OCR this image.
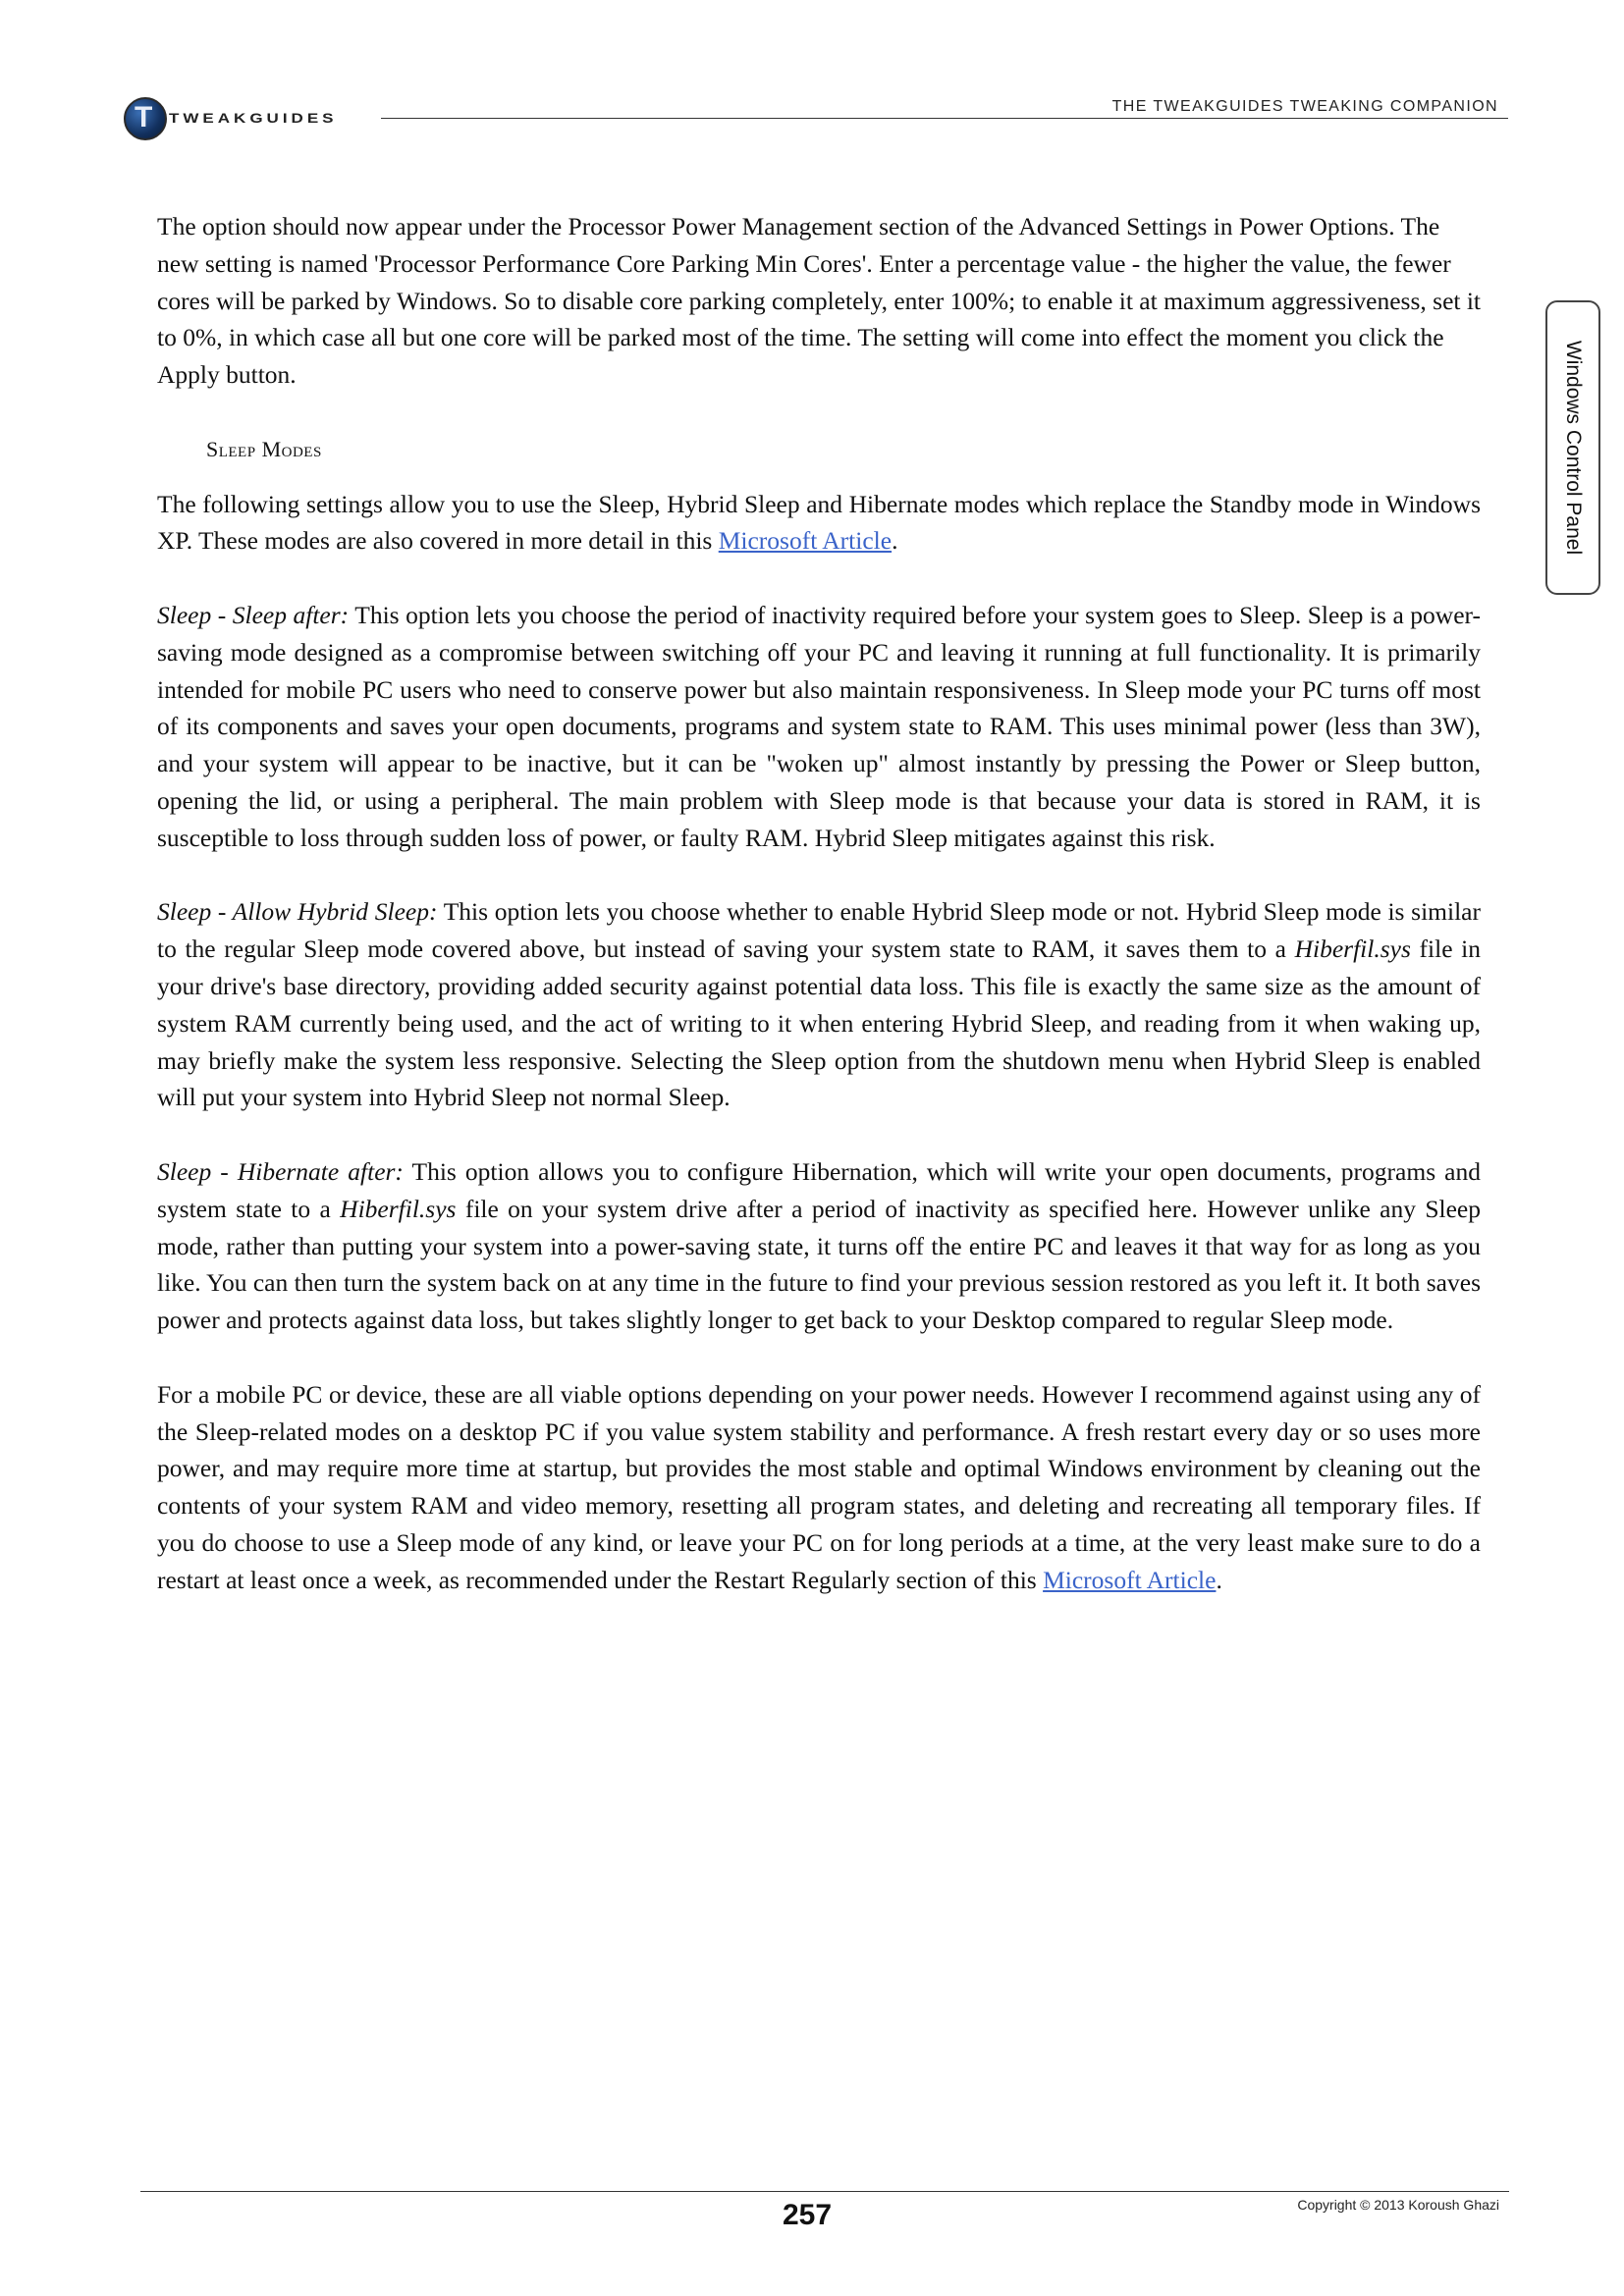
T
TWEAKGUIDES
THE TWEAKGUIDES TWEAKING COMPANION
Windows Control Panel

The option should now appear under the Processor Power Management section of the Advanced Settings in Power Options. The new setting is named 'Processor Performance Core Parking Min Cores'. Enter a percentage value - the higher the value, the fewer cores will be parked by Windows. So to disable core parking completely, enter 100%; to enable it at maximum aggressiveness, set it to 0%, in which case all but one core will be parked most of the time. The setting will come into effect the moment you click the Apply button.

Sleep Modes

The following settings allow you to use the Sleep, Hybrid Sleep and Hibernate modes which replace the Standby mode in Windows XP. These modes are also covered in more detail in this Microsoft Article.

Sleep - Sleep after: This option lets you choose the period of inactivity required before your system goes to Sleep. Sleep is a power-saving mode designed as a compromise between switching off your PC and leaving it running at full functionality. It is primarily intended for mobile PC users who need to conserve power but also maintain responsiveness. In Sleep mode your PC turns off most of its components and saves your open documents, programs and system state to RAM. This uses minimal power (less than 3W), and your system will appear to be inactive, but it can be "woken up" almost instantly by pressing the Power or Sleep button, opening the lid, or using a peripheral. The main problem with Sleep mode is that because your data is stored in RAM, it is susceptible to loss through sudden loss of power, or faulty RAM. Hybrid Sleep mitigates against this risk.

Sleep - Allow Hybrid Sleep: This option lets you choose whether to enable Hybrid Sleep mode or not. Hybrid Sleep mode is similar to the regular Sleep mode covered above, but instead of saving your system state to RAM, it saves them to a Hiberfil.sys file in your drive's base directory, providing added security against potential data loss. This file is exactly the same size as the amount of system RAM currently being used, and the act of writing to it when entering Hybrid Sleep, and reading from it when waking up, may briefly make the system less responsive. Selecting the Sleep option from the shutdown menu when Hybrid Sleep is enabled will put your system into Hybrid Sleep not normal Sleep.

Sleep - Hibernate after: This option allows you to configure Hibernation, which will write your open documents, programs and system state to a Hiberfil.sys file on your system drive after a period of inactivity as specified here. However unlike any Sleep mode, rather than putting your system into a power-saving state, it turns off the entire PC and leaves it that way for as long as you like. You can then turn the system back on at any time in the future to find your previous session restored as you left it. It both saves power and protects against data loss, but takes slightly longer to get back to your Desktop compared to regular Sleep mode.

For a mobile PC or device, these are all viable options depending on your power needs. However I recommend against using any of the Sleep-related modes on a desktop PC if you value system stability and performance. A fresh restart every day or so uses more power, and may require more time at startup, but provides the most stable and optimal Windows environment by cleaning out the contents of your system RAM and video memory, resetting all program states, and deleting and recreating all temporary files. If you do choose to use a Sleep mode of any kind, or leave your PC on for long periods at a time, at the very least make sure to do a restart at least once a week, as recommended under the Restart Regularly section of this Microsoft Article.

Copyright © 2013 Koroush Ghazi
257
